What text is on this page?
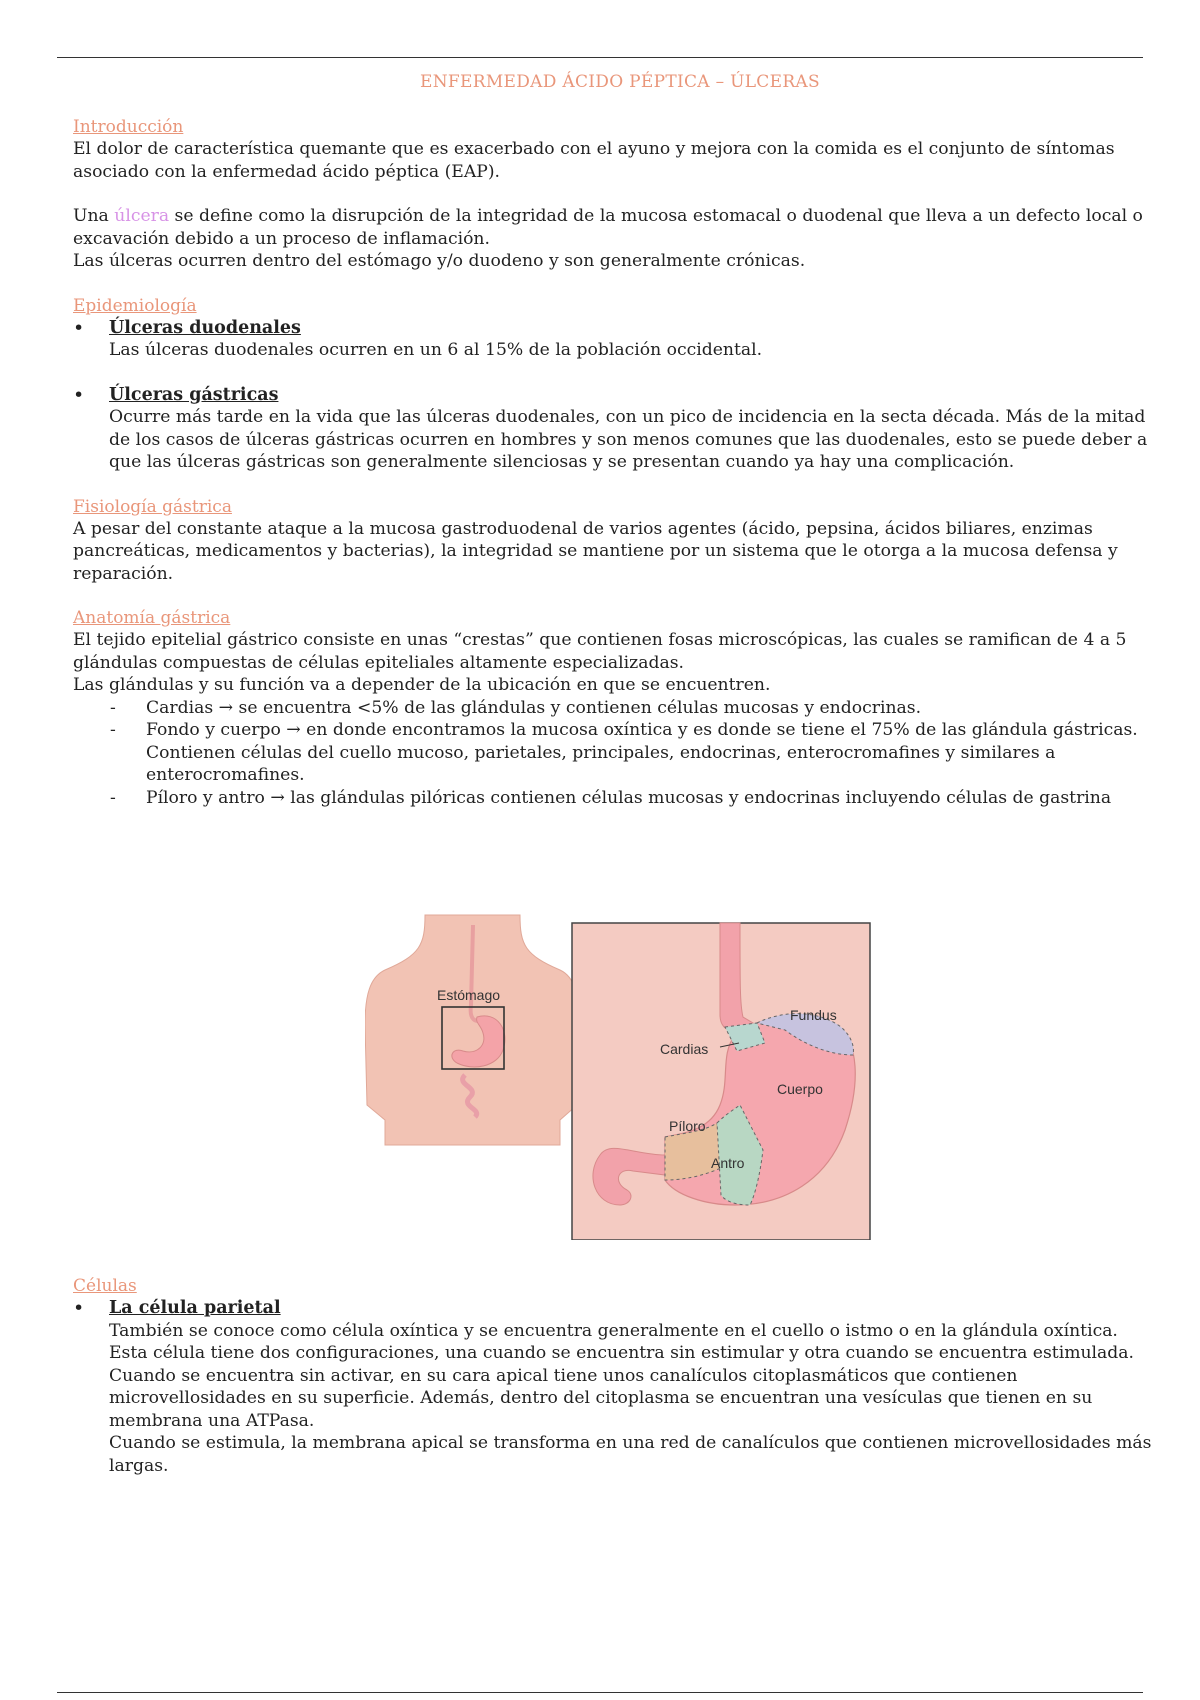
ENFERMEDAD ÁCIDO PÉPTICA – ÚLCERAS
Introducción

El dolor de característica quemante que es exacerbado con el ayuno y mejora con la comida es el conjunto de síntomas asociado con la enfermedad ácido péptica (EAP).

Una úlcera se define como la disrupción de la integridad de la mucosa estomacal o duodenal que lleva a un defecto local o excavación debido a un proceso de inflamación.

Las úlceras ocurren dentro del estómago y/o duodeno y son generalmente crónicas.

Epidemiología
• Úlceras duodenales

Las úlceras duodenales ocurren en un 6 al 15% de la población occidental.

• Úlceras gástricas

Ocurre más tarde en la vida que las úlceras duodenales, con un pico de incidencia en la secta década. Más de la mitad de los casos de úlceras gástricas ocurren en hombres y son menos comunes que las duodenales, esto se puede deber a que las úlceras gástricas son generalmente silenciosas y se presentan cuando ya hay una complicación.

Fisiología gástrica

A pesar del constante ataque a la mucosa gastroduodenal de varios agentes (ácido, pepsina, ácidos biliares, enzimas pancreáticas, medicamentos y bacterias), la integridad se mantiene por un sistema que le otorga a la mucosa defensa y reparación.

Anatomía gástrica

El tejido epitelial gástrico consiste en unas “crestas” que contienen fosas microscópicas, las cuales se ramifican de 4 a 5 glándulas compuestas de células epiteliales altamente especializadas.

Las glándulas y su función va a depender de la ubicación en que se encuentren.

- Cardias → se encuentra <5% de las glándulas y contienen células mucosas y endocrinas.
- Fondo y cuerpo → en donde encontramos la mucosa oxíntica y es donde se tiene el 75% de las glándula gástricas. Contienen células del cuello mucoso, parietales, principales, endocrinas, enterocromafines y similares a enterocromafines.
- Píloro y antro → las glándulas pilóricas contienen células mucosas y endocrinas incluyendo células de gastrina
Estómago
Fundus
Cardias
Cuerpo
Píloro
Antro
Células
• La célula parietal

También se conoce como célula oxíntica y se encuentra generalmente en el cuello o istmo o en la glándula oxíntica.

Esta célula tiene dos configuraciones, una cuando se encuentra sin estimular y otra cuando se encuentra estimulada. Cuando se encuentra sin activar, en su cara apical tiene unos canalículos citoplasmáticos que contienen microvellosidades en su superficie. Además, dentro del citoplasma se encuentran una vesículas que tienen en su membrana una ATPasa.

Cuando se estimula, la membrana apical se transforma en una red de canalículos que contienen microvellosidades más largas.
